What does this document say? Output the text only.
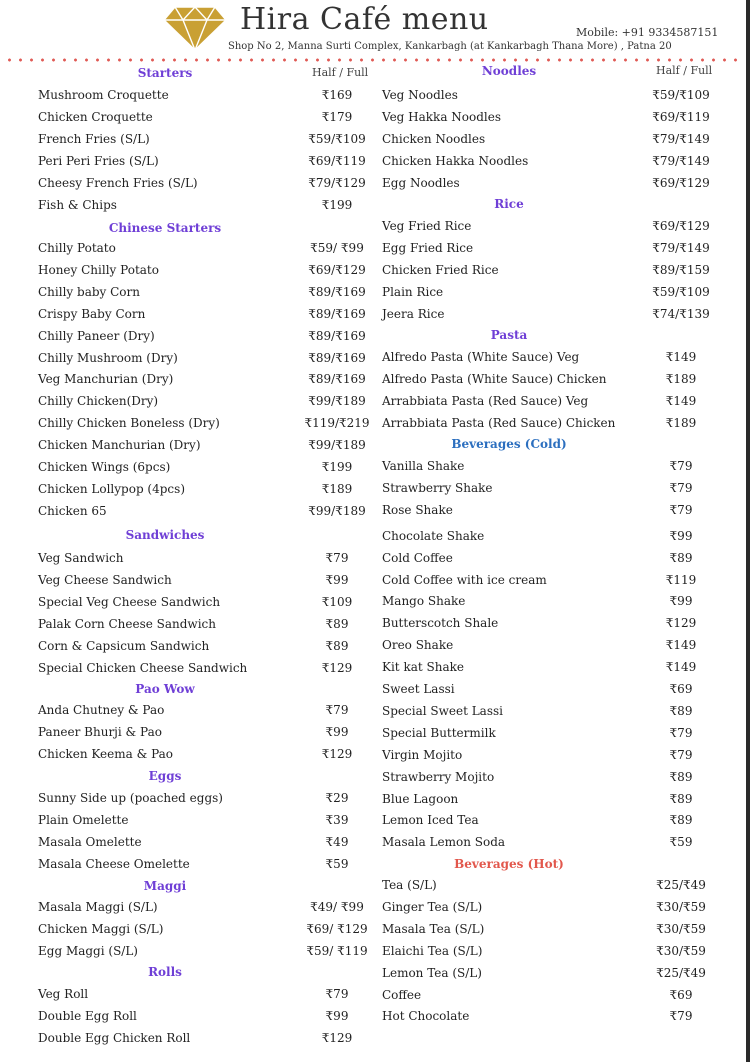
Hira Café menu	Mobile: +91 9334587151
Shop No 2, Manna Surti Complex, Kankarbagh (at Kankarbagh Thana More) , Patna 20
Starters	Half / Full
Mushroom Croquette	₹169
Chicken Croquette	₹179
French Fries (S/L)	₹59/₹109
Peri Peri Fries (S/L)	₹69/₹119
Cheesy French Fries (S/L)	₹79/₹129
Fish & Chips	₹199
Chinese Starters
Chilly Potato	₹59/ ₹99
Honey Chilly Potato	₹69/₹129
Chilly baby Corn	₹89/₹169
Crispy Baby Corn	₹89/₹169
Chilly Paneer (Dry)	₹89/₹169
Chilly Mushroom (Dry)	₹89/₹169
Veg Manchurian (Dry)	₹89/₹169
Chilly Chicken(Dry)	₹99/₹189
Chilly Chicken Boneless (Dry)	₹119/₹219
Chicken Manchurian (Dry)	₹99/₹189
Chicken Wings (6pcs)	₹199
Chicken Lollypop (4pcs)	₹189
Chicken 65	₹99/₹189
Sandwiches
Veg Sandwich	₹79
Veg Cheese Sandwich	₹99
Special Veg Cheese Sandwich	₹109
Palak Corn Cheese Sandwich	₹89
Corn & Capsicum Sandwich	₹89
Special Chicken Cheese Sandwich	₹129
Pao Wow
Anda Chutney & Pao	₹79
Paneer Bhurji & Pao	₹99
Chicken Keema & Pao	₹129
Eggs
Sunny Side up (poached eggs)	₹29
Plain Omelette	₹39
Masala Omelette	₹49
Masala Cheese Omelette	₹59
Maggi
Masala Maggi (S/L)	₹49/ ₹99
Chicken Maggi (S/L)	₹69/ ₹129
Egg Maggi (S/L)	₹59/ ₹119
Rolls
Veg Roll	₹79
Double Egg Roll	₹99
Double Egg Chicken Roll	₹129
Noodles	Half / Full
Veg Noodles	₹59/₹109
Veg Hakka Noodles	₹69/₹119
Chicken Noodles	₹79/₹149
Chicken Hakka Noodles	₹79/₹149
Egg Noodles	₹69/₹129
Rice
Veg Fried Rice	₹69/₹129
Egg Fried Rice	₹79/₹149
Chicken Fried Rice	₹89/₹159
Plain Rice	₹59/₹109
Jeera Rice	₹74/₹139
Pasta
Alfredo Pasta (White Sauce) Veg	₹149
Alfredo Pasta (White Sauce) Chicken	₹189
Arrabbiata Pasta (Red Sauce) Veg	₹149
Arrabbiata Pasta (Red Sauce) Chicken	₹189
Beverages (Cold)
Vanilla Shake	₹79
Strawberry Shake	₹79
Rose Shake	₹79
Chocolate Shake	₹99
Cold Coffee	₹89
Cold Coffee with ice cream	₹119
Mango Shake	₹99
Butterscotch Shale	₹129
Oreo Shake	₹149
Kit kat Shake	₹149
Sweet Lassi	₹69
Special Sweet Lassi	₹89
Special Buttermilk	₹79
Virgin Mojito	₹79
Strawberry Mojito	₹89
Blue Lagoon	₹89
Lemon Iced Tea	₹89
Masala Lemon Soda	₹59
Beverages (Hot)
Tea (S/L)	₹25/₹49
Ginger Tea (S/L)	₹30/₹59
Masala Tea (S/L)	₹30/₹59
Elaichi Tea (S/L)	₹30/₹59
Lemon Tea (S/L)	₹25/₹49
Coffee	₹69
Hot Chocolate	₹79
